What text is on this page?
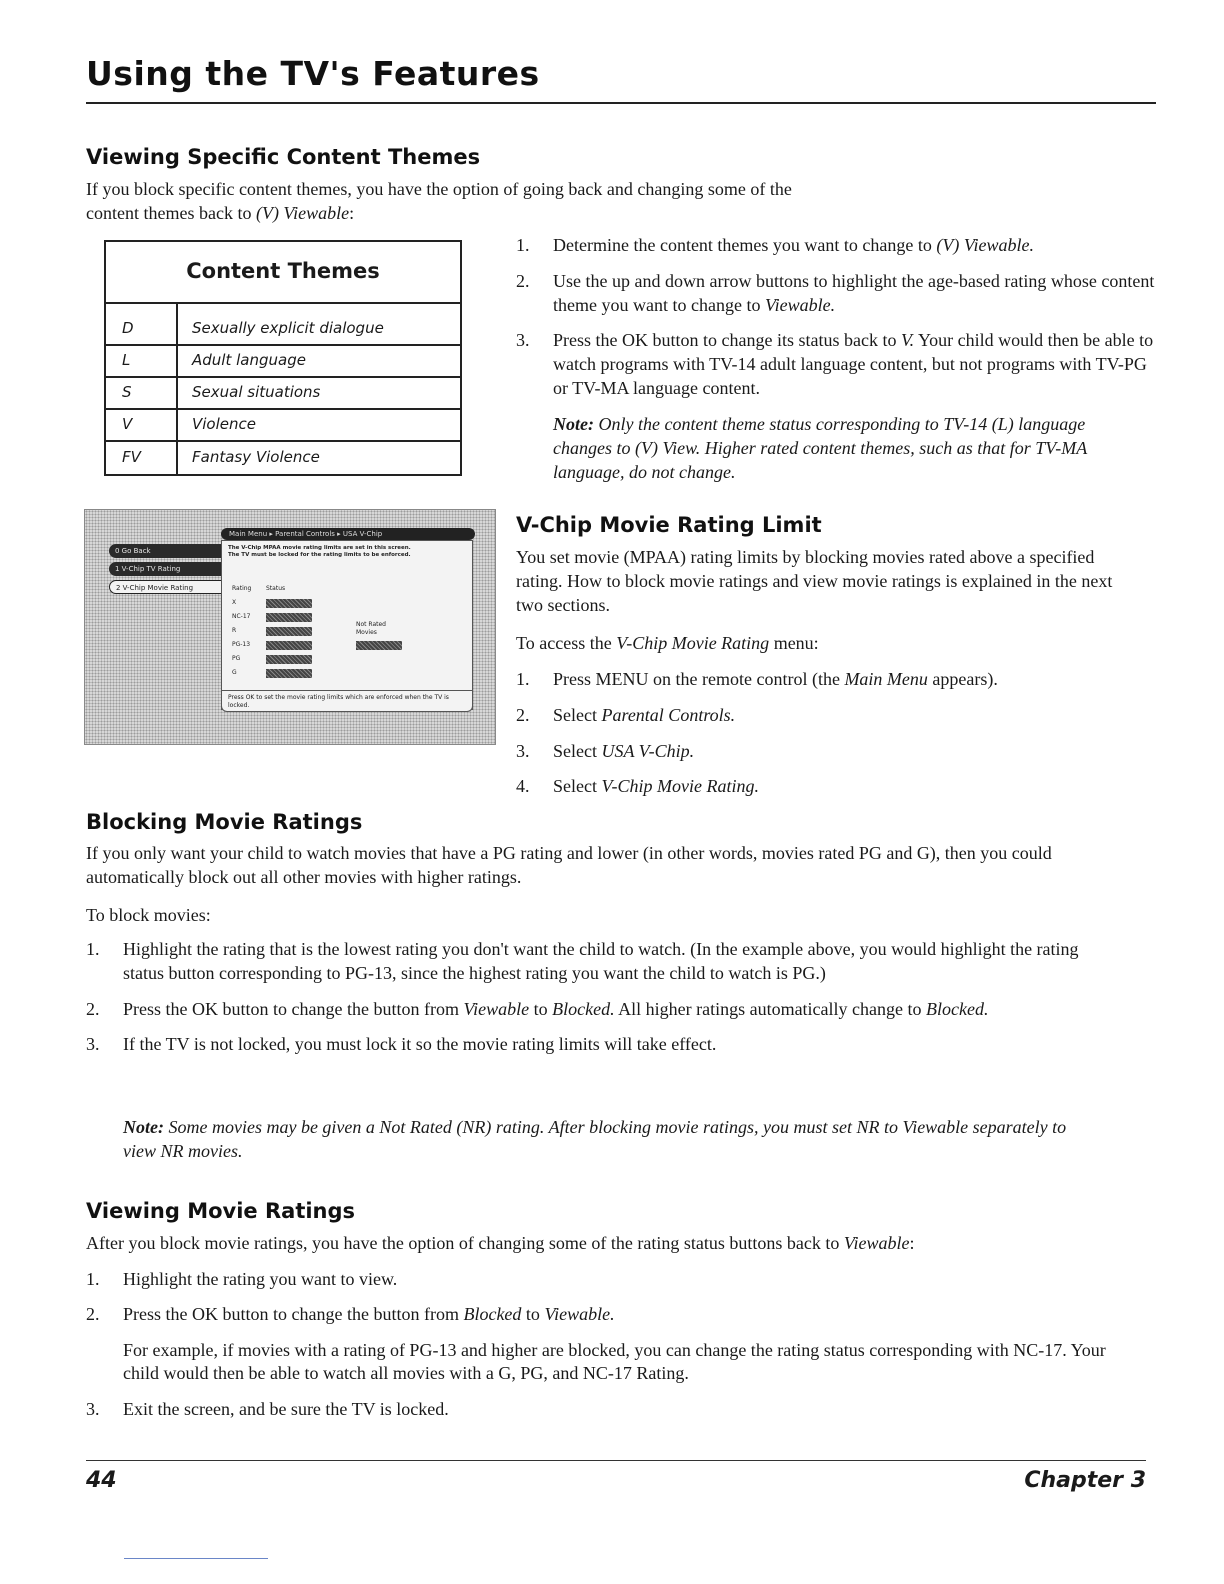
Using the TV's Features
Viewing Specific Content Themes

If you block specific content themes, you have the option of going back and changing some of the
content themes back to (V) Viewable:

Content Themes
D	Sexually explicit dialogue
L	Adult language
S	Sexual situations
V	Violence
FV	Fantasy Violence
1. Determine the content themes you want to change to (V) Viewable.
2. Use the up and down arrow buttons to highlight the age-based rating whose content theme you want to change to Viewable.
3. Press the OK button to change its status back to V. Your child would then be able to watch programs with TV-14 adult language content, but not programs with TV-PG or TV-MA language content.

Note: Only the content theme status corresponding to TV-14 (L) language changes to (V) View. Higher rated content themes, such as that for TV-MA language, do not change.

Main Menu ▸ Parental Controls ▸ USA V-Chip
0 Go Back
1 V-Chip TV Rating
2 V-Chip Movie Rating
The V-Chip MPAA movie rating limits are set in this screen.
The TV must be locked for the rating limits to be enforced.
Rating Status
X
NC-17
R
PG-13
PG
G
Not Rated Movies
Press OK to set the movie rating limits which are enforced when the TV is locked.
V-Chip Movie Rating Limit

You set movie (MPAA) rating limits by blocking movies rated above a specified rating. How to block movie ratings and view movie ratings is explained in the next two sections.

To access the V-Chip Movie Rating menu:

1. Press MENU on the remote control (the Main Menu appears).
2. Select Parental Controls.
3. Select USA V-Chip.
4. Select V-Chip Movie Rating.
Blocking Movie Ratings

If you only want your child to watch movies that have a PG rating and lower (in other words, movies rated PG and G), then you could automatically block out all other movies with higher ratings.

To block movies:

1. Highlight the rating that is the lowest rating you don't want the child to watch. (In the example above, you would highlight the rating status button corresponding to PG-13, since the highest rating you want the child to watch is PG.)
2. Press the OK button to change the button from Viewable to Blocked. All higher ratings automatically change to Blocked.
3. If the TV is not locked, you must lock it so the movie rating limits will take effect.

Note: Some movies may be given a Not Rated (NR) rating. After blocking movie ratings, you must set NR to Viewable separately to view NR movies.

Viewing Movie Ratings

After you block movie ratings, you have the option of changing some of the rating status buttons back to Viewable:

1. Highlight the rating you want to view.
2. Press the OK button to change the button from Blocked to Viewable.

For example, if movies with a rating of PG-13 and higher are blocked, you can change the rating status corresponding with NC-17. Your child would then be able to watch all movies with a G, PG, and NC-17 Rating.

3. Exit the screen, and be sure the TV is locked.
44	Chapter 3
